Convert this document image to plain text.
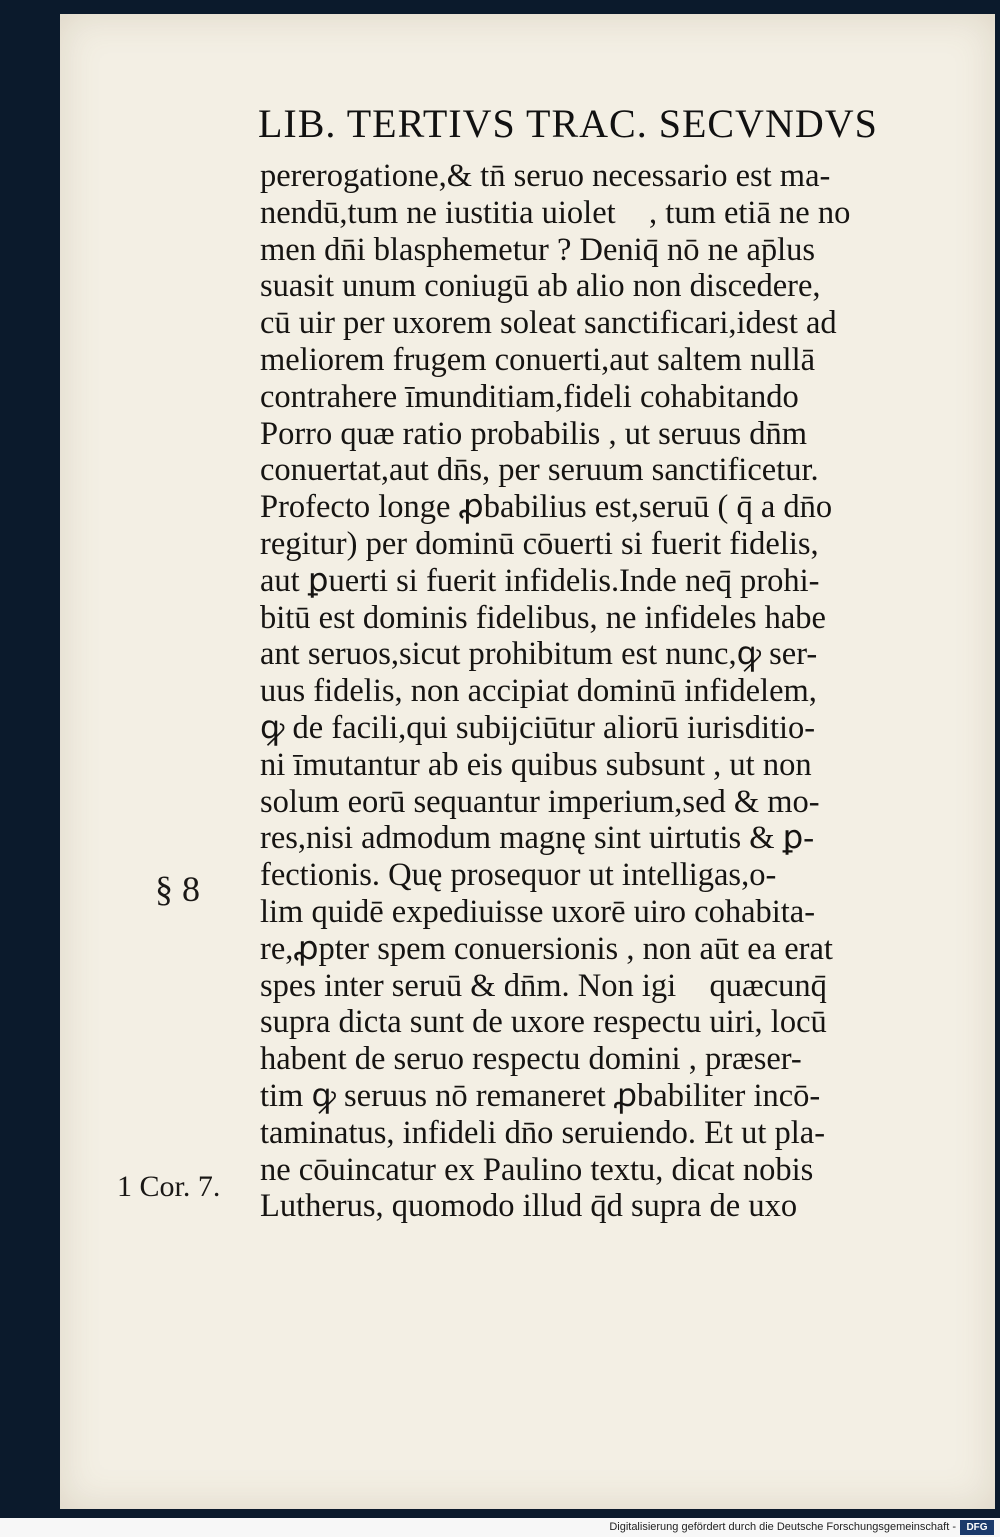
LIB. TERTIVS TRAC. SECVNDVS
pererogatione,& tn̄ seruo necessario est ma-
nendū,tum ne iustitia uioletᷣ , tum etiā ne no
men dn̄i blasphemetur ? Deniq̄ nō ne ap̄lus
suasit unum coniugū ab alio non discedere,
cū uir per uxorem soleat sanctificari,idest ad
meliorem frugem conuerti,aut saltem nullā
contrahere īmunditiam,fideli cohabitando
Porro quæ ratio probabilis , ut seruus dn̄m
conuertat,aut dn̄s, per seruum sanctificetur.
Profecto longe ꝓbabilius est,seruū ( q̄ a dn̄o
regitur) per dominū cōuerti si fuerit fidelis,
aut ꝑuerti si fuerit infidelis.Inde neq̄ prohi-
bitū est dominis fidelibus, ne infideles habe
ant seruos,sicut prohibitum est nunc,ꝙ ser-
uus fidelis, non accipiat dominū infidelem,
ꝙ de facili,qui subijciūtur aliorū iurisditio-
ni īmutantur ab eis quibus subsunt , ut non
solum eorū sequantur imperium,sed & mo-
res,nisi admodum magnę sint uirtutis & ꝑ-
fectionis. Quę prosequor ut intelligas,o-
lim quidē expediuisse uxorē uiro cohabita-
re,ꝓpter spem conuersionis , non aūt ea erat
spes inter seruū & dn̄m. Non igiᷓ quæcunq̄
supra dicta sunt de uxore respectu uiri, locū
habent de seruo respectu domini , præser-
tim ꝙ seruus nō remaneret ꝓbabiliter incō-
taminatus, infideli dn̄o seruiendo. Et ut pla-
ne cōuincatur ex Paulino textu, dicat nobis
Lutherus, quomodo illud q̄d supra de uxo
§ 8
1 Cor. 7.
Digitalisierung gefördert durch die Deutsche Forschungsgemeinschaft -	DFG
